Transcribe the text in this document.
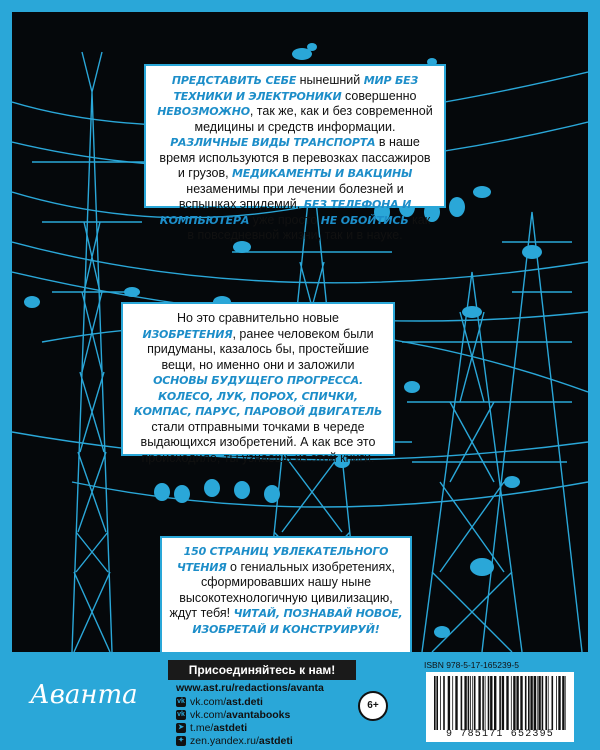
ПРЕДСТАВИТЬ СЕБЕ нынешний МИР БЕЗ ТЕХНИКИ И ЭЛЕКТРОНИКИ совершенно НЕВОЗМОЖНО, так же, как и без современной медицины и средств информации. РАЗЛИЧНЫЕ ВИДЫ ТРАНСПОРТА в наше время используются в перевозках пассажиров и грузов, МЕДИКАМЕНТЫ И ВАКЦИНЫ незаменимы при лечении болезней и вспышках эпидемий, БЕЗ ТЕЛЕФОНА И КОМПЬЮТЕРА уже просто НЕ ОБОЙТИСЬ как в повседневной жизни, так и в науке.

Но это сравнительно новые ИЗОБРЕТЕНИЯ, ранее человеком были придуманы, казалось бы, простейшие вещи, но именно они и заложили ОСНОВЫ БУДУЩЕГО ПРОГРЕССА. КОЛЕСО, ЛУК, ПОРОХ, СПИЧКИ, КОМПАС, ПАРУС, ПАРОВОЙ ДВИГАТЕЛЬ стали отправными точками в череде выдающихся изобретений. А как все это происходило, ты узнаешь из этой книги.

150 СТРАНИЦ УВЛЕКАТЕЛЬНОГО ЧТЕНИЯ о гениальных изобретениях, сформировавших нашу ныне высокотехнологичную цивилизацию, ждут тебя! ЧИТАЙ, ПОЗНАВАЙ НОВОЕ, ИЗОБРЕТАЙ И КОНСТРУИРУЙ!

Аванта
Присоединяйтесь к нам!
www.ast.ru/redactions/avanta
vk vk.com/ ast.deti
vk vk.com/ avantabooks
➤ t.me/ astdeti
✦ zen.yandex.ru/ astdeti
6+
ISBN 978-5-17-165239-5
9 785171 652395
